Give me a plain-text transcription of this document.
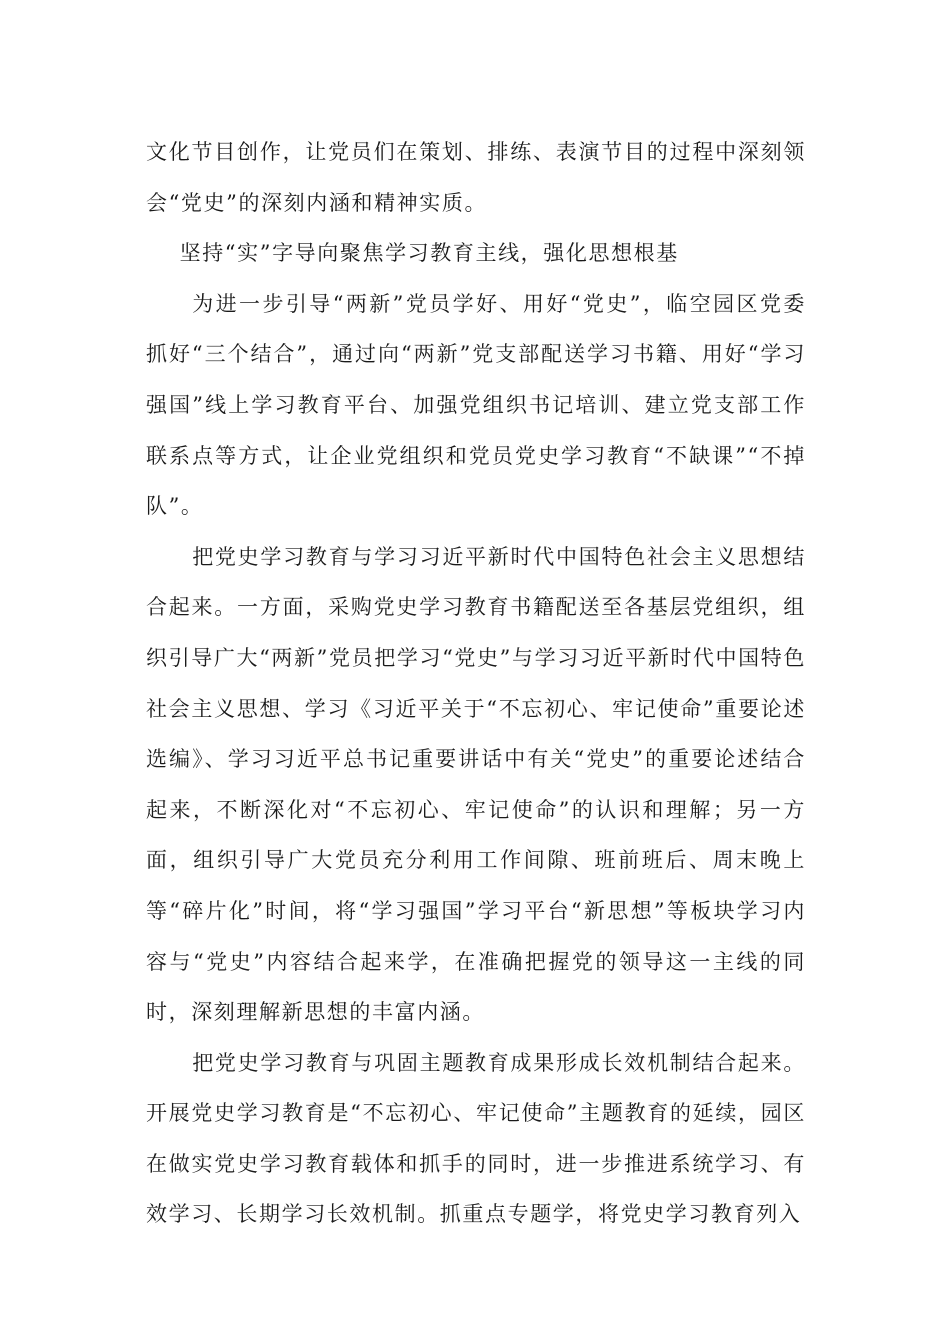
文化节目创作，让党员们在策划、排练、表演节目的过程中深刻领会“党史”的深刻内涵和精神实质。

坚持“实”字导向聚焦学习教育主线，强化思想根基

为进一步引导“两新”党员学好、用好“党史”，临空园区党委抓好“三个结合”，通过向“两新”党支部配送学习书籍、用好“学习强国”线上学习教育平台、加强党组织书记培训、建立党支部工作联系点等方式，让企业党组织和党员党史学习教育“不缺课”“不掉队”。

把党史学习教育与学习习近平新时代中国特色社会主义思想结合起来。一方面，采购党史学习教育书籍配送至各基层党组织，组织引导广大“两新”党员把学习“党史”与学习习近平新时代中国特色社会主义思想、学习《习近平关于“不忘初心、牢记使命”重要论述选编》、学习习近平总书记重要讲话中有关“党史”的重要论述结合起来，不断深化对“不忘初心、牢记使命”的认识和理解；另一方面，组织引导广大党员充分利用工作间隙、班前班后、周末晚上等“碎片化”时间，将“学习强国”学习平台“新思想”等板块学习内容与“党史”内容结合起来学，在准确把握党的领导这一主线的同时，深刻理解新思想的丰富内涵。

把党史学习教育与巩固主题教育成果形成长效机制结合起来。开展党史学习教育是“不忘初心、牢记使命”主题教育的延续，园区在做实党史学习教育载体和抓手的同时，进一步推进系统学习、有效学习、长期学习长效机制。抓重点专题学，将党史学习教育列入
